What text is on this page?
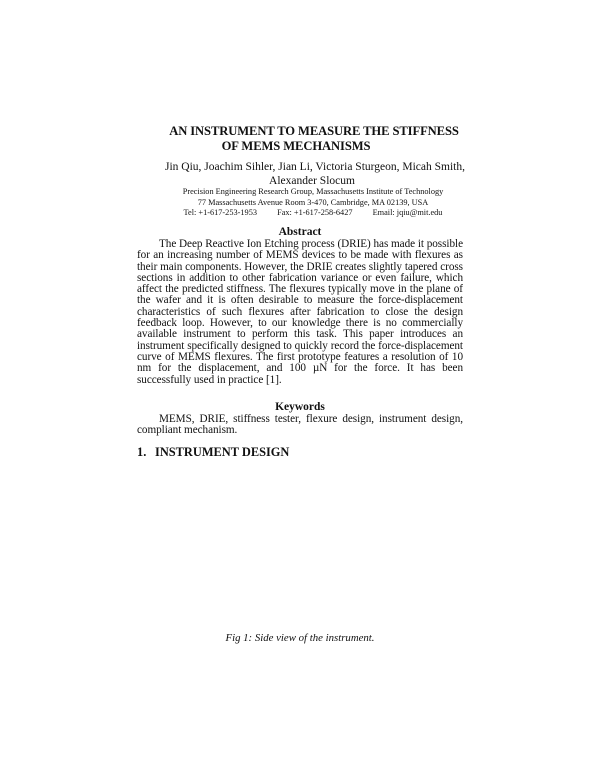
AN INSTRUMENT TO MEASURE THE STIFFNESS
OF MEMS MECHANISMS
Jin Qiu, Joachim Sihler, Jian Li, Victoria Sturgeon, Micah Smith,
Alexander Slocum
Precision Engineering Research Group, Massachusetts Institute of Technology
77 Massachusetts Avenue Room 3-470, Cambridge, MA 02139, USA
Tel: +1-617-253-1953 Fax: +1-617-258-6427 Email: jqiu@mit.edu
Abstract
The Deep Reactive Ion Etching process (DRIE) has made it possible for an increasing number of MEMS devices to be made with flexures as their main components. However, the DRIE creates slightly tapered cross sections in addition to other fabrication variance or even failure, which affect the predicted stiffness. The flexures typically move in the plane of the wafer and it is often desirable to measure the force-displacement characteristics of such flexures after fabrication to close the design feedback loop. However, to our knowledge there is no commercially available instrument to perform this task. This paper introduces an instrument specifically designed to quickly record the force-displacement curve of MEMS flexures. The first prototype features a resolution of 10 nm for the displacement, and 100 µN for the force. It has been successfully used in practice [1].
Keywords
MEMS, DRIE, stiffness tester, flexure design, instrument design, compliant mechanism.
1. INSTRUMENT DESIGN
Fig 1: Side view of the instrument.
